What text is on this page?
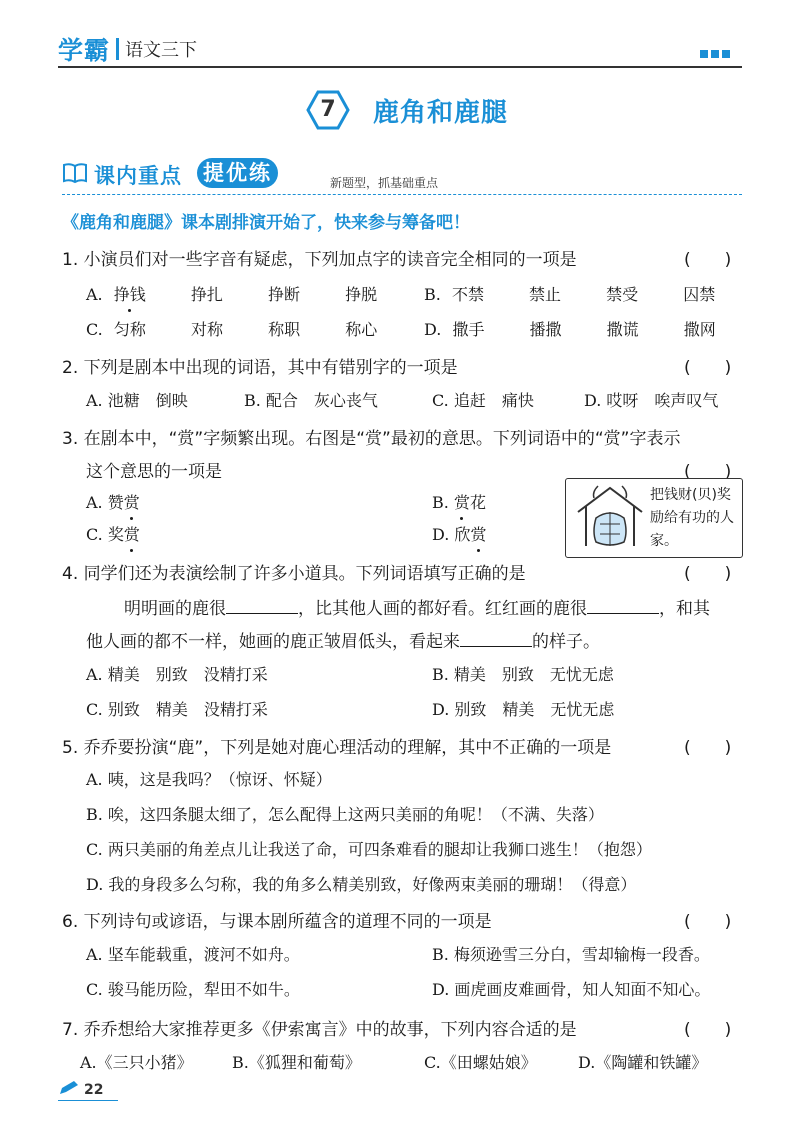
学霸 语文三下
7	鹿角和鹿腿
课内重点 提优练	新题型，抓基础重点
《鹿角和鹿腿》课本剧排演开始了，快来参与筹备吧！
1. 小演员们对一些字音有疑虑，下列加点字的读音完全相同的一项是	(　　)
A. 挣钱	挣扎	挣断	挣脱	B. 不禁	禁止	禁受	囚禁
C. 匀称	对称	称职	称心	D. 撒手	播撒	撒谎	撒网
2. 下列是剧本中出现的词语，其中有错别字的一项是	(　　)
A. 池糖　倒映	B. 配合　灰心丧气	C. 追赶　痛快	D. 哎呀　唉声叹气
3. 在剧本中，“赏”字频繁出现。右图是“赏”最初的意思。下列词语中的“赏”字表示
这个意思的一项是	(　　)
A. 赞赏	B. 赏花
C. 奖赏	D. 欣赏
把钱财(贝)奖励给有功的人家。
4. 同学们还为表演绘制了许多小道具。下列词语填写正确的是	(　　)
明明画的鹿很	，比其他人画的都好看。红红画的鹿很	，和其
他人画的都不一样，她画的鹿正皱眉低头，看起来	的样子。
A. 精美　别致　没精打采	B. 精美　别致　无忧无虑
C. 别致　精美　没精打采	D. 别致　精美　无忧无虑
5. 乔乔要扮演“鹿”，下列是她对鹿心理活动的理解，其中不正确的一项是	(　　)
A. 咦，这是我吗？（惊讶、怀疑）
B. 唉，这四条腿太细了，怎么配得上这两只美丽的角呢！（不满、失落）
C. 两只美丽的角差点儿让我送了命，可四条难看的腿却让我狮口逃生！（抱怨）
D. 我的身段多么匀称，我的角多么精美别致，好像两束美丽的珊瑚！（得意）
6. 下列诗句或谚语，与课本剧所蕴含的道理不同的一项是	(　　)
A. 坚车能载重，渡河不如舟。	B. 梅须逊雪三分白，雪却输梅一段香。
C. 骏马能历险，犁田不如牛。	D. 画虎画皮难画骨，知人知面不知心。
7. 乔乔想给大家推荐更多《伊索寓言》中的故事，下列内容合适的是	(　　)
A.《三只小猪》 B.《狐狸和葡萄》	C.《田螺姑娘》	D.《陶罐和铁罐》
22
